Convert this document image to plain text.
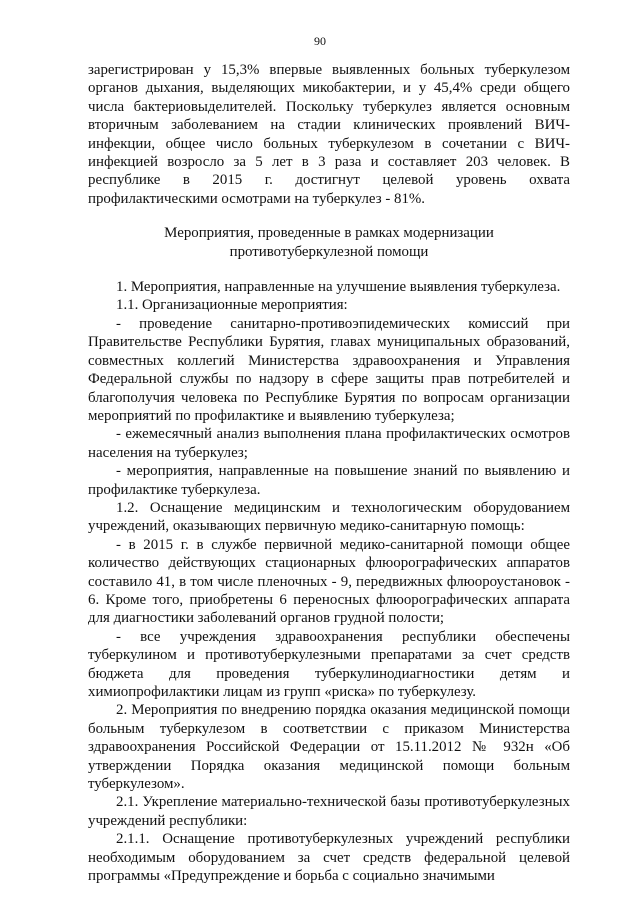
90

зарегистрирован у 15,3% впервые выявленных больных туберкулезом органов дыхания, выделяющих микобактерии, и у 45,4% среди общего числа бактериовыделителей. Поскольку туберкулез является основным вторичным заболеванием на стадии клинических проявлений ВИЧ-инфекции, общее число больных туберкулезом в сочетании с ВИЧ-инфекцией возросло за 5 лет в 3 раза и составляет 203 человек. В республике в 2015 г. достигнут целевой уровень охвата профилактическими осмотрами на туберкулез - 81%.

Мероприятия, проведенные в рамках модернизации
противотуберкулезной помощи

1. Мероприятия, направленные на улучшение выявления туберкулеза.

1.1. Организационные мероприятия:

- проведение санитарно-противоэпидемических комиссий при Правительстве Республики Бурятия, главах муниципальных образований, совместных коллегий Министерства здравоохранения и Управления Федеральной службы по надзору в сфере защиты прав потребителей и благополучия человека по Республике Бурятия по вопросам организации мероприятий по профилактике и выявлению туберкулеза;

- ежемесячный анализ выполнения плана профилактических осмотров населения на туберкулез;

- мероприятия, направленные на повышение знаний по выявлению и профилактике туберкулеза.

1.2. Оснащение медицинским и технологическим оборудованием учреждений, оказывающих первичную медико-санитарную помощь:

- в 2015 г. в службе первичной медико-санитарной помощи общее количество действующих стационарных флюорографических аппаратов составило 41, в том числе пленочных - 9, передвижных флюороустановок - 6. Кроме того, приобретены 6 переносных флюорографических аппарата для диагностики заболеваний органов грудной полости;

- все учреждения здравоохранения республики обеспечены туберкулином и противотуберкулезными препаратами за счет средств бюджета для проведения туберкулинодиагностики детям и химиопрофилактики лицам из групп «риска» по туберкулезу.

2. Мероприятия по внедрению порядка оказания медицинской помощи больным туберкулезом в соответствии с приказом Министерства здравоохранения Российской Федерации от 15.11.2012 № 932н «Об утверждении Порядка оказания медицинской помощи больным туберкулезом».

2.1. Укрепление материально-технической базы противотуберкулезных учреждений республики:

2.1.1. Оснащение противотуберкулезных учреждений республики необходимым оборудованием за счет средств федеральной целевой программы «Предупреждение и борьба с социально значимыми
